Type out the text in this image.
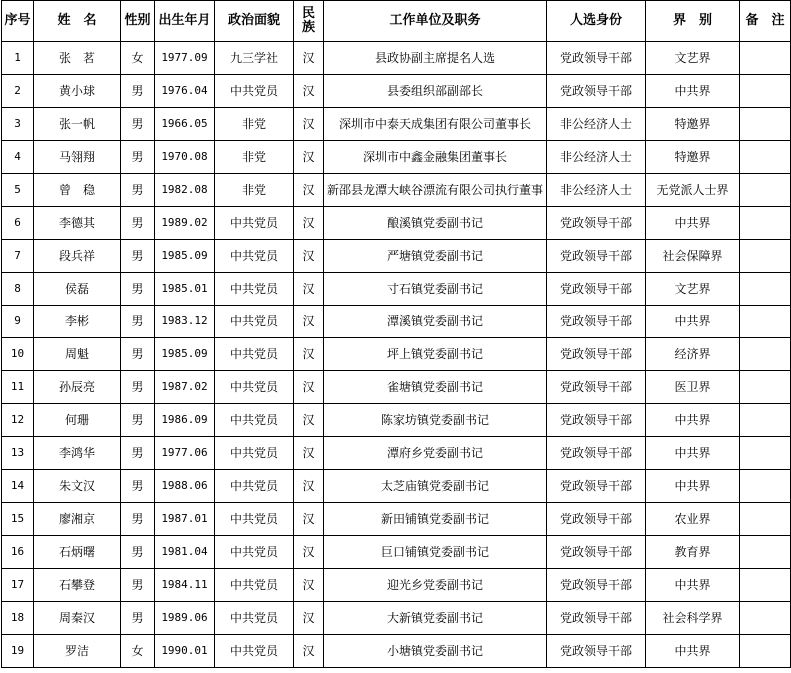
序号	姓　名	性别	出生年月	政治面貌	民族	工作单位及职务	人选身份	界　别	备　注
1	张　茗	女	1977.09	九三学社	汉	县政协副主席提名人选	党政领导干部	文艺界	
2	黄小球	男	1976.04	中共党员	汉	县委组织部副部长	党政领导干部	中共界	
3	张一帆	男	1966.05	非党	汉	深圳市中泰天成集团有限公司董事长	非公经济人士	特邀界	
4	马翎翔	男	1970.08	非党	汉	深圳市中鑫金融集团董事长	非公经济人士	特邀界	
5	曾　稳	男	1982.08	非党	汉	新邵县龙潭大峡谷漂流有限公司执行董事	非公经济人士	无党派人士界	
6	李德其	男	1989.02	中共党员	汉	酿溪镇党委副书记	党政领导干部	中共界	
7	段兵祥	男	1985.09	中共党员	汉	严塘镇党委副书记	党政领导干部	社会保障界	
8	侯磊	男	1985.01	中共党员	汉	寸石镇党委副书记	党政领导干部	文艺界	
9	李彬	男	1983.12	中共党员	汉	潭溪镇党委副书记	党政领导干部	中共界	
10	周魁	男	1985.09	中共党员	汉	坪上镇党委副书记	党政领导干部	经济界	
11	孙辰亮	男	1987.02	中共党员	汉	雀塘镇党委副书记	党政领导干部	医卫界	
12	何珊	男	1986.09	中共党员	汉	陈家坊镇党委副书记	党政领导干部	中共界	
13	李鸿华	男	1977.06	中共党员	汉	潭府乡党委副书记	党政领导干部	中共界	
14	朱文汉	男	1988.06	中共党员	汉	太芝庙镇党委副书记	党政领导干部	中共界	
15	廖湘京	男	1987.01	中共党员	汉	新田铺镇党委副书记	党政领导干部	农业界	
16	石炳曙	男	1981.04	中共党员	汉	巨口铺镇党委副书记	党政领导干部	教育界	
17	石攀登	男	1984.11	中共党员	汉	迎光乡党委副书记	党政领导干部	中共界	
18	周秦汉	男	1989.06	中共党员	汉	大新镇党委副书记	党政领导干部	社会科学界	
19	罗洁	女	1990.01	中共党员	汉	小塘镇党委副书记	党政领导干部	中共界	
